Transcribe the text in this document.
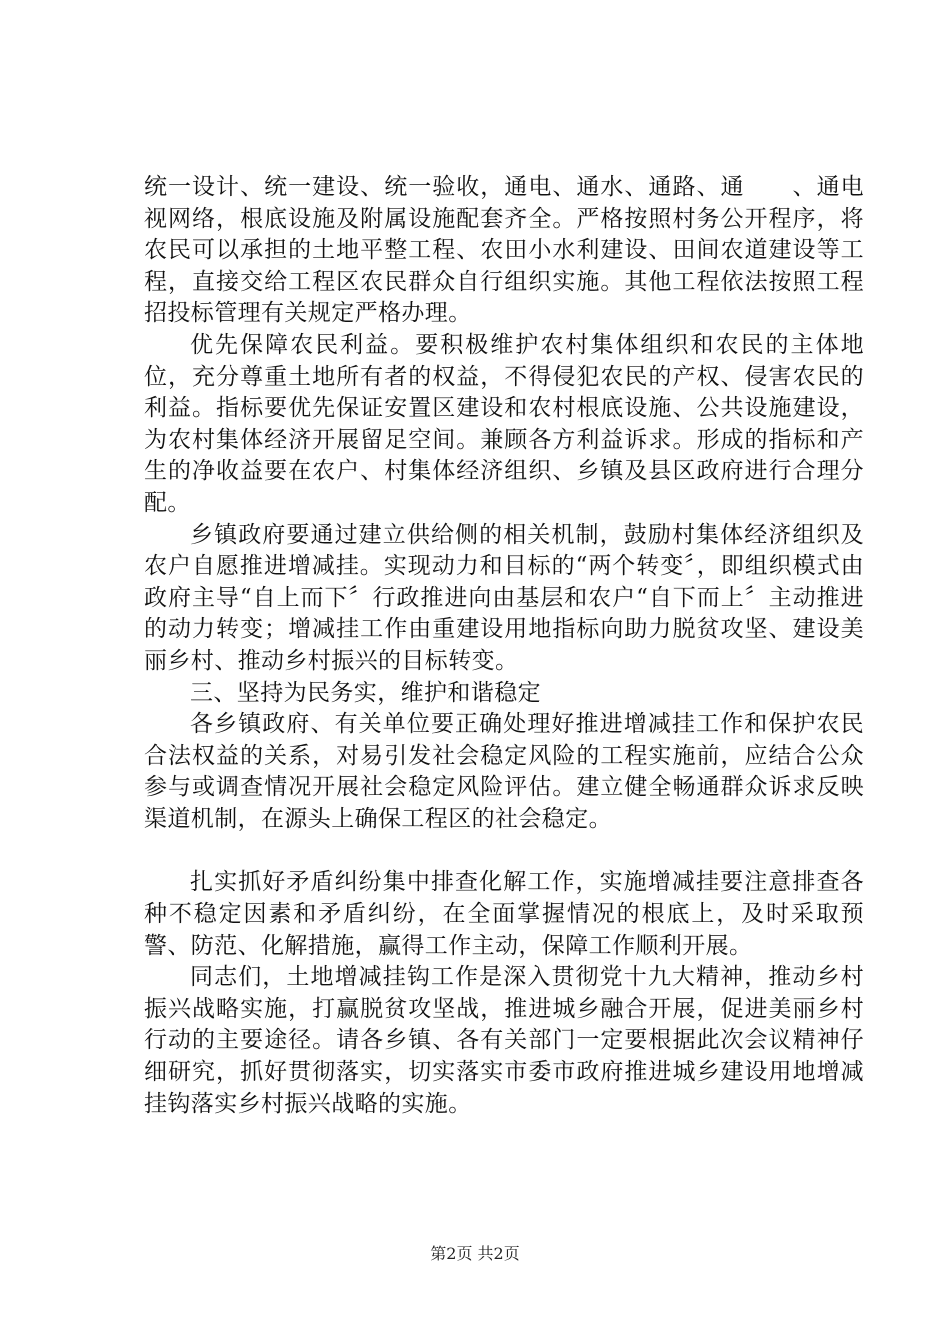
统一设计、统一建设、统一验收，通电、通水、通路、通　　、通电视网络，根底设施及附属设施配套齐全。严格按照村务公开程序，将农民可以承担的土地平整工程、农田小水利建设、田间农道建设等工程，直接交给工程区农民群众自行组织实施。其他工程依法按照工程招投标管理有关规定严格办理。

优先保障农民利益。要积极维护农村集体组织和农民的主体地位，充分尊重土地所有者的权益，不得侵犯农民的产权、侵害农民的利益。指标要优先保证安置区建设和农村根底设施、公共设施建设，为农村集体经济开展留足空间。兼顾各方利益诉求。形成的指标和产生的净收益要在农户、村集体经济组织、乡镇及县区政府进行合理分配。

乡镇政府要通过建立供给侧的相关机制，鼓励村集体经济组织及农户自愿推进增减挂。实现动力和目标的“两个转变〞，即组织模式由政府主导“自上而下〞行政推进向由基层和农户“自下而上〞主动推进的动力转变；增减挂工作由重建设用地指标向助力脱贫攻坚、建设美丽乡村、推动乡村振兴的目标转变。

三、坚持为民务实，维护和谐稳定

各乡镇政府、有关单位要正确处理好推进增减挂工作和保护农民合法权益的关系，对易引发社会稳定风险的工程实施前，应结合公众参与或调查情况开展社会稳定风险评估。建立健全畅通群众诉求反映渠道机制，在源头上确保工程区的社会稳定。

扎实抓好矛盾纠纷集中排查化解工作，实施增减挂要注意排查各种不稳定因素和矛盾纠纷，在全面掌握情况的根底上，及时采取预警、防范、化解措施，赢得工作主动，保障工作顺利开展。

同志们，土地增减挂钩工作是深入贯彻党十九大精神，推动乡村振兴战略实施，打赢脱贫攻坚战，推进城乡融合开展，促进美丽乡村行动的主要途径。请各乡镇、各有关部门一定要根据此次会议精神仔细研究，抓好贯彻落实，切实落实市委市政府推进城乡建设用地增减挂钩落实乡村振兴战略的实施。

第2页 共2页
